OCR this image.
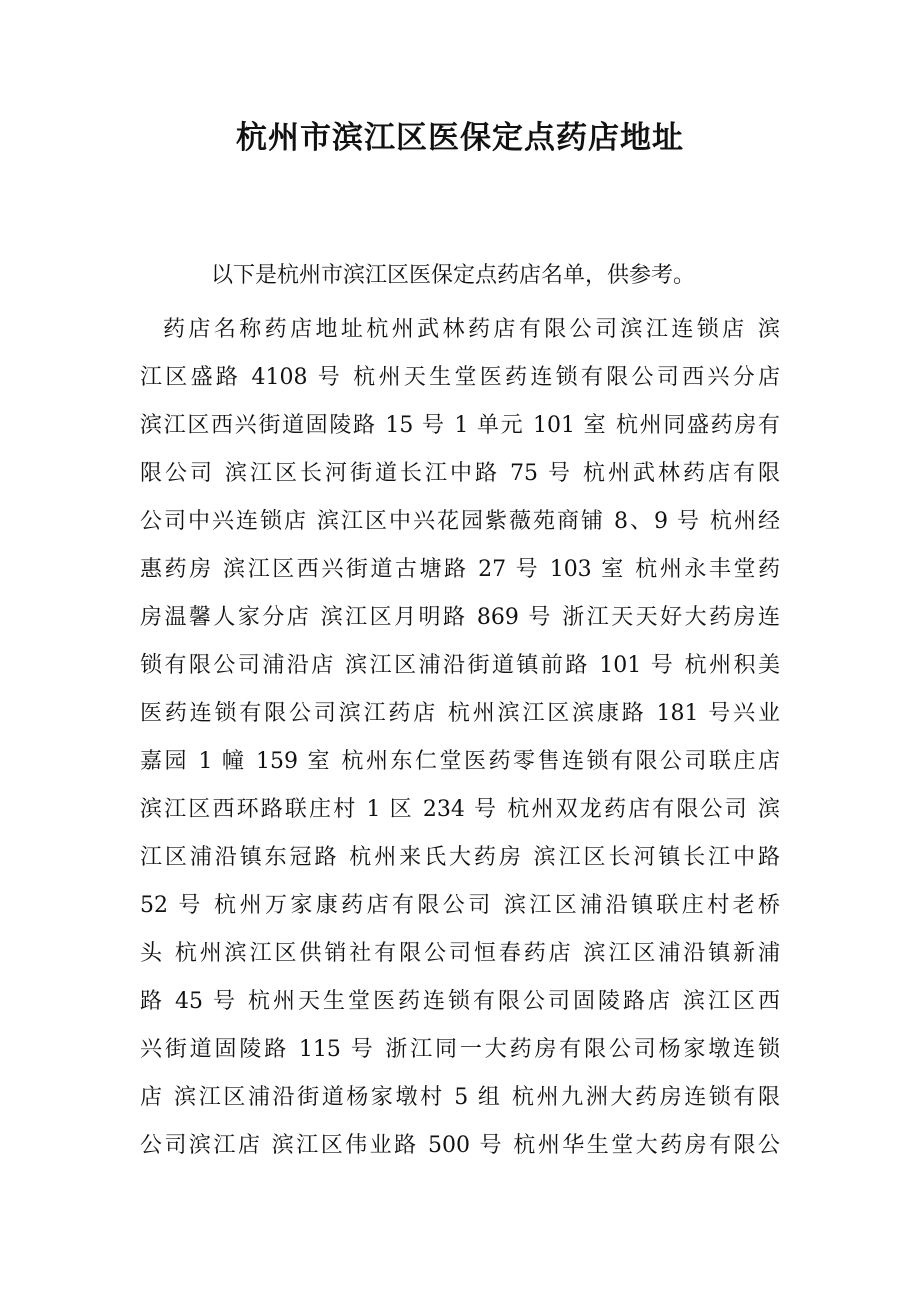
杭州市滨江区医保定点药店地址

以下是杭州市滨江区医保定点药店名单，供参考。

药店名称药店地址杭州武林药店有限公司滨江连锁店 滨
江区盛路 4108 号 杭州天生堂医药连锁有限公司西兴分店
滨江区西兴街道固陵路 15 号 1 单元 101 室 杭州同盛药房有
限公司 滨江区长河街道长江中路 75 号 杭州武林药店有限
公司中兴连锁店 滨江区中兴花园紫薇苑商铺 8、9 号 杭州经
惠药房 滨江区西兴街道古塘路 27 号 103 室 杭州永丰堂药
房温馨人家分店 滨江区月明路 869 号 浙江天天好大药房连
锁有限公司浦沿店 滨江区浦沿街道镇前路 101 号 杭州积美
医药连锁有限公司滨江药店 杭州滨江区滨康路 181 号兴业
嘉园 1 幢 159 室 杭州东仁堂医药零售连锁有限公司联庄店
滨江区西环路联庄村 1 区 234 号 杭州双龙药店有限公司 滨
江区浦沿镇东冠路 杭州来氏大药房 滨江区长河镇长江中路
52 号 杭州万家康药店有限公司 滨江区浦沿镇联庄村老桥
头 杭州滨江区供销社有限公司恒春药店 滨江区浦沿镇新浦
路 45 号 杭州天生堂医药连锁有限公司固陵路店 滨江区西
兴街道固陵路 115 号 浙江同一大药房有限公司杨家墩连锁
店 滨江区浦沿街道杨家墩村 5 组 杭州九洲大药房连锁有限
公司滨江店 滨江区伟业路 500 号 杭州华生堂大药房有限公
